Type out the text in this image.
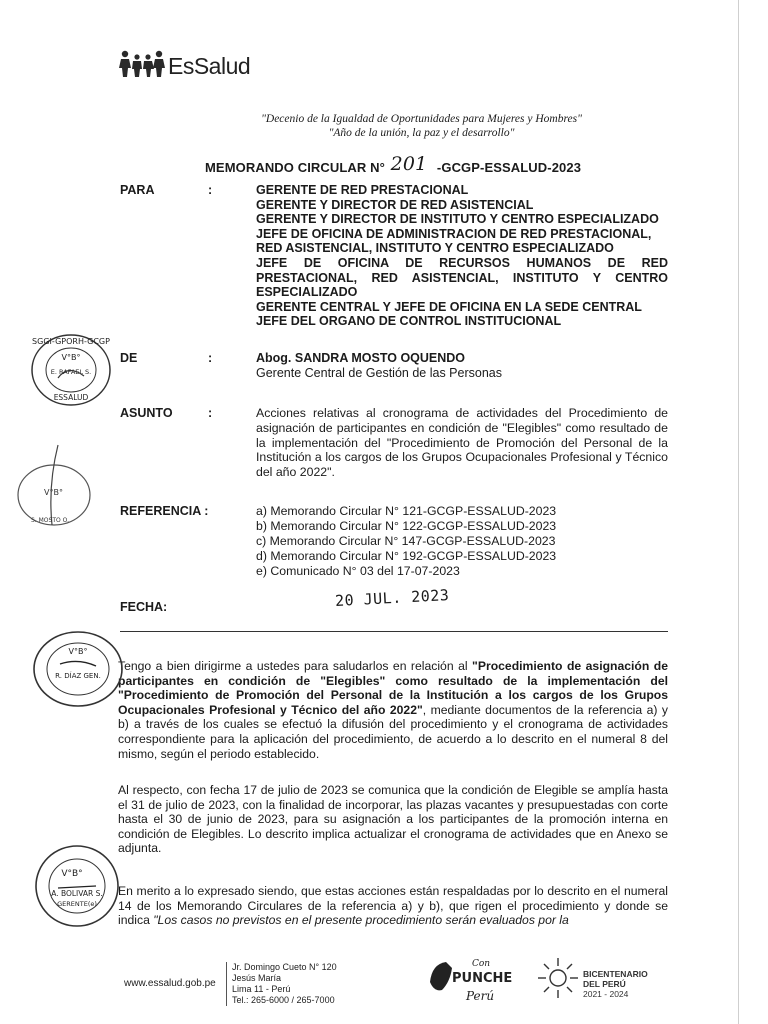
EsSalud
"Decenio de la Igualdad de Oportunidades para Mujeres y Hombres"
"Año de la unión, la paz y el desarrollo"
MEMORANDO CIRCULAR N° 201 -GCGP-ESSALUD-2023
PARA	:	GERENTE DE RED PRESTACIONAL
GERENTE Y DIRECTOR DE RED ASISTENCIAL
GERENTE Y DIRECTOR DE INSTITUTO Y CENTRO ESPECIALIZADO
JEFE DE OFICINA DE ADMINISTRACION DE RED PRESTACIONAL,
RED ASISTENCIAL, INSTITUTO Y CENTRO ESPECIALIZADO
JEFE DE OFICINA DE RECURSOS HUMANOS DE RED
PRESTACIONAL, RED ASISTENCIAL, INSTITUTO Y CENTRO
ESPECIALIZADO
GERENTE CENTRAL Y JEFE DE OFICINA EN LA SEDE CENTRAL
JEFE DEL ORGANO DE CONTROL INSTITUCIONAL
DE	:	Abog. SANDRA MOSTO OQUENDO
Gerente Central de Gestión de las Personas
ASUNTO	:	Acciones relativas al cronograma de actividades del Procedimiento de asignación de participantes en condición de "Elegibles" como resultado de la implementación del "Procedimiento de Promoción del Personal de la Institución a los cargos de los Grupos Ocupacionales Profesional y Técnico del año 2022".
REFERENCIA :	a) Memorando Circular N° 121-GCGP-ESSALUD-2023
b) Memorando Circular N° 122-GCGP-ESSALUD-2023
c) Memorando Circular N° 147-GCGP-ESSALUD-2023
d) Memorando Circular N° 192-GCGP-ESSALUD-2023
e) Comunicado N° 03 del 17-07-2023
FECHA:	20 JUL. 2023
Tengo a bien dirigirme a ustedes para saludarlos en relación al "Procedimiento de asignación de participantes en condición de "Elegibles" como resultado de la implementación del "Procedimiento de Promoción del Personal de la Institución a los cargos de los Grupos Ocupacionales Profesional y Técnico del año 2022", mediante documentos de la referencia a) y b) a través de los cuales se efectuó la difusión del procedimiento y el cronograma de actividades correspondiente para la aplicación del procedimiento, de acuerdo a lo descrito en el numeral 8 del mismo, según el periodo establecido.
Al respecto, con fecha 17 de julio de 2023 se comunica que la condición de Elegible se amplía hasta el 31 de julio de 2023, con la finalidad de incorporar, las plazas vacantes y presupuestadas con corte hasta el 30 de junio de 2023, para su asignación a los participantes de la promoción interna en condición de Elegibles. Lo descrito implica actualizar el cronograma de actividades que en Anexo se adjunta.
En merito a lo expresado siendo, que estas acciones están respaldadas por lo descrito en el numeral 14 de los Memorando Circulares de la referencia a) y b), que rigen el procedimiento y donde se indica "Los casos no previstos en el presente procedimiento serán evaluados por la
SGGI-GPORH-GCGP
V°B°
E. RAFAEL S.
ESSALUD
V°B°
S. MOSTO O.
V°B°
R. DÍAZ GEN.
V°B°
A. BOLIVAR S.
GERENTE(e)
www.essalud.gob.pe
Jr. Domingo Cueto N° 120
Jesús María
Lima 11 - Perú
Tel.: 265-6000 / 265-7000
Con
PUNCHE
Perú
BICENTENARIO
DEL PERÚ
2021 - 2024
